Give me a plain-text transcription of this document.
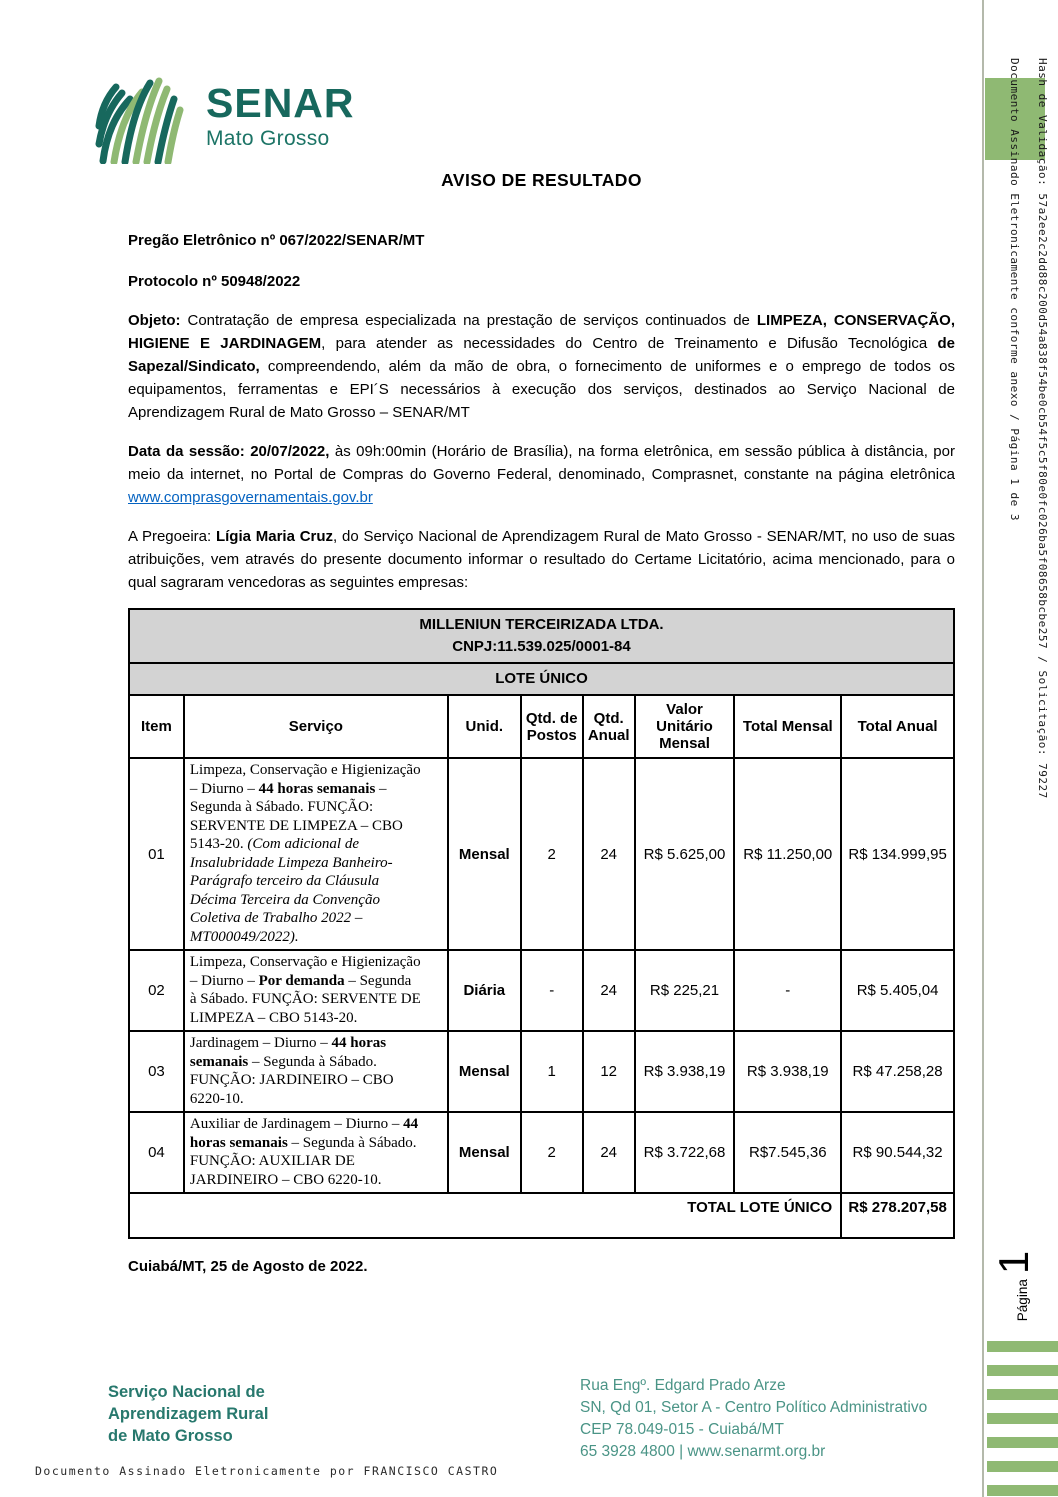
Hash de Validação: 57a2ee2c2dd88c200d54a838f54be0cb54f5c5f80e0fc026ba5f08658bcbe257 / Solicitação: 79227
Documento Assinado Eletronicamente conforme anexo / Página 1 de 3
Página
1
SENAR
Mato Grosso
AVISO DE RESULTADO

Pregão Eletrônico nº 067/2022/SENAR/MT

Protocolo nº 50948/2022

Objeto: Contratação de empresa especializada na prestação de serviços continuados de LIMPEZA, CONSERVAÇÃO, HIGIENE E JARDINAGEM, para atender as necessidades do Centro de Treinamento e Difusão Tecnológica de Sapezal/Sindicato, compreendendo, além da mão de obra, o fornecimento de uniformes e o emprego de todos os equipamentos, ferramentas e EPI´S necessários à execução dos serviços, destinados ao Serviço Nacional de Aprendizagem Rural de Mato Grosso – SENAR/MT

Data da sessão: 20/07/2022, às 09h:00min (Horário de Brasília), na forma eletrônica, em sessão pública à distância, por meio da internet, no Portal de Compras do Governo Federal, denominado, Comprasnet, constante na página eletrônica www.comprasgovernamentais.gov.br

A Pregoeira: Lígia Maria Cruz, do Serviço Nacional de Aprendizagem Rural de Mato Grosso - SENAR/MT, no uso de suas atribuições, vem através do presente documento informar o resultado do Certame Licitatório, acima mencionado, para o qual sagraram vencedoras as seguintes empresas:

MILLENIUN TERCEIRIZADA LTDA.
CNPJ:11.539.025/0001-84							

LOTE ÚNICO							
Item	Serviço	Unid.	Qtd. de Postos	Qtd. Anual	Valor Unitário Mensal	Total Mensal	Total Anual
01	Limpeza, Conservação e Higienização – Diurno – 44 horas semanais – Segunda à Sábado. FUNÇÃO: SERVENTE DE LIMPEZA – CBO 5143-20. (Com adicional de Insalubridade Limpeza Banheiro-Parágrafo terceiro da Cláusula Décima Terceira da Convenção Coletiva de Trabalho 2022 – MT000049/2022).	Mensal	2	24	R$ 5.625,00	R$ 11.250,00	R$ 134.999,95
02	Limpeza, Conservação e Higienização – Diurno – Por demanda – Segunda à Sábado. FUNÇÃO: SERVENTE DE LIMPEZA – CBO 5143-20.	Diária	-	24	R$ 225,21	-	R$ 5.405,04
03	Jardinagem – Diurno – 44 horas semanais – Segunda à Sábado. FUNÇÃO: JARDINEIRO – CBO 6220-10.	Mensal	1	12	R$ 3.938,19	R$ 3.938,19	R$ 47.258,28
04	Auxiliar de Jardinagem – Diurno – 44 horas semanais – Segunda à Sábado. FUNÇÃO: AUXILIAR DE JARDINEIRO – CBO 6220-10.	Mensal	2	24	R$ 3.722,68	R$7.545,36	R$ 90.544,32
TOTAL LOTE ÚNICO							R$ 278.207,58

Cuiabá/MT, 25 de Agosto de 2022.

Serviço Nacional de
Aprendizagem Rural
de Mato Grosso
Rua Engº. Edgard Prado Arze
SN, Qd 01, Setor A - Centro Político Administrativo
CEP 78.049-015 - Cuiabá/MT
65 3928 4800 | www.senarmt.org.br
Documento Assinado Eletronicamente por FRANCISCO CASTRO
